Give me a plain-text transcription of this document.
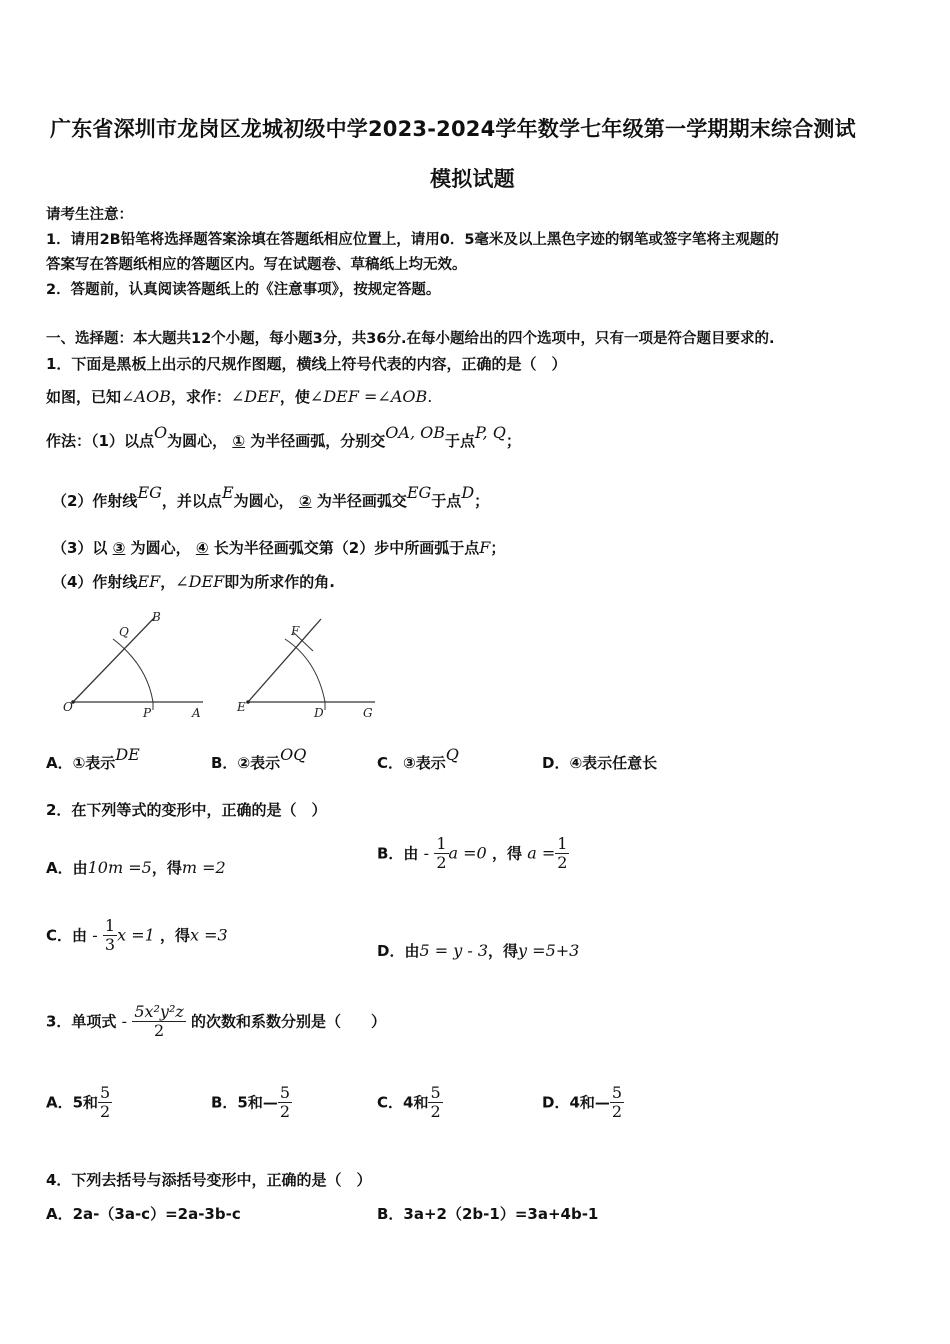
广东省深圳市龙岗区龙城初级中学2023-2024学年数学七年级第一学期期末综合测试
模拟试题
请考生注意：
1．请用2B铅笔将选择题答案涂填在答题纸相应位置上，请用0．5毫米及以上黑色字迹的钢笔或签字笔将主观题的
答案写在答题纸相应的答题区内。写在试题卷、草稿纸上均无效。
2．答题前，认真阅读答题纸上的《注意事项》，按规定答题。
一、选择题：本大题共12个小题，每小题3分，共36分.在每小题给出的四个选项中，只有一项是符合题目要求的.
1．下面是黑板上出示的尺规作图题，横线上符号代表的内容，正确的是（　）
如图，已知∠AOB，求作：∠DEF，使∠DEF =∠AOB.
作法：（1）以点O为圆心， ① 为半径画弧，分别交OA, OB于点P, Q；
（2）作射线EG，并以点E为圆心， ② 为半径画弧交EG于点D；
（3）以 ③ 为圆心， ④ 长为半径画弧交第（2）步中所画弧于点F；
（4）作射线EF，∠DEF即为所求作的角.
B
Q
O	P	A
F
E	D	G
A．①表示DE	B．②表示OQ	C．③表示Q	D．④表示任意长
2．在下列等式的变形中，正确的是（　）
A．由10m =5，得m =2
B．由 - $\frac{1}{2}$ a =0 ，得 $a = \frac{1}{2}$
C．由 - $\frac{1}{3}$ x =1 ，得x =3
D．由5 = y - 3，得y =5+3
3．单项式 - $\frac{\text{5x²y²z}}{2}$ 的次数和系数分别是（　　）
A．5和 $\frac{5}{2}$	B．5和— $\frac{5}{2}$	C．4和 $\frac{5}{2}$	D．4和— $\frac{5}{2}$
4．下列去括号与添括号变形中，正确的是（　）
A．2a-（3a-c）=2a-3b-c	B．3a+2（2b-1）=3a+4b-1
